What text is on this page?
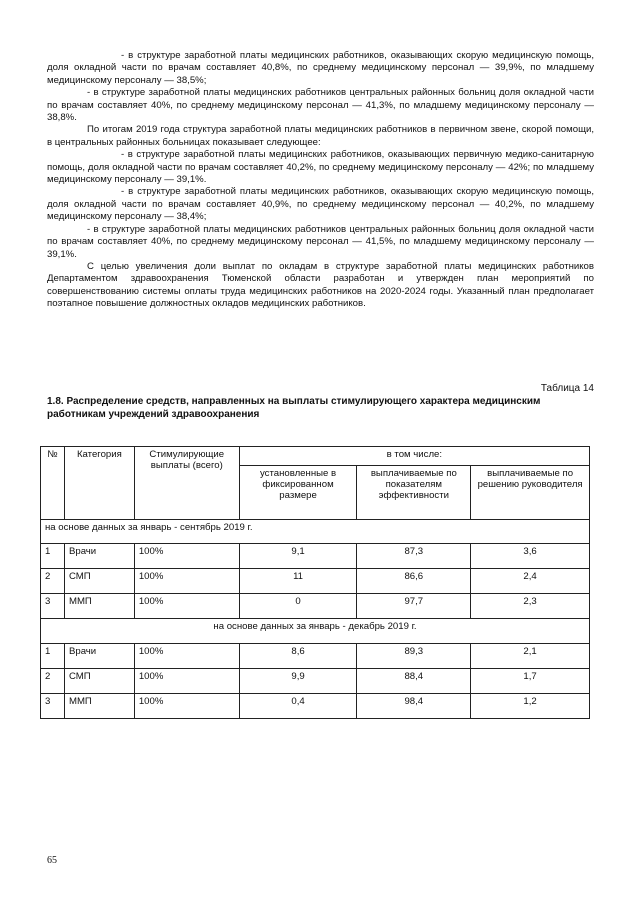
- в структуре заработной платы медицинских работников, оказывающих скорую медицинскую помощь, доля окладной части по врачам составляет 40,8%, по среднему медицинскому персонал — 39,9%, по младшему медицинскому персоналу — 38,5%;

- в структуре заработной платы медицинских работников центральных районных больниц доля окладной части по врачам составляет 40%, по среднему медицинскому персонал — 41,3%, по младшему медицинскому персоналу — 38,8%.

По итогам 2019 года структура заработной платы медицинских работников в первичном звене, скорой помощи, в центральных районных больницах показывает следующее:

- в структуре заработной платы медицинских работников, оказывающих первичную медико-санитарную помощь, доля окладной части по врачам составляет 40,2%, по среднему медицинскому персоналу — 42%; по младшему медицинскому персоналу — 39,1%.

- в структуре заработной платы медицинских работников, оказывающих скорую медицинскую помощь, доля окладной части по врачам составляет 40,9%, по среднему медицинскому персонал — 40,2%, по младшему медицинскому персоналу — 38,4%;

- в структуре заработной платы медицинских работников центральных районных больниц доля окладной части по врачам составляет 40%, по среднему медицинскому персонал — 41,5%, по младшему медицинскому персоналу — 39,1%.

С целью увеличения доли выплат по окладам в структуре заработной платы медицинских работников Департаментом здравоохранения Тюменской области разработан и утвержден план мероприятий по совершенствованию системы оплаты труда медицинских работников на 2020-2024 годы. Указанный план предполагает поэтапное повышение должностных окладов медицинских работников.

Таблица 14
1.8. Распределение средств, направленных на выплаты стимулирующего характера медицинским работникам учреждений здравоохранения
№	Категория	Стимулирующие выплаты (всего)	в том числе:		
			установленные в фиксированном размере	выплачиваемые по показателям эффективности	выплачиваемые по решению руководителя
на основе данных за январь - сентябрь 2019 г.					
1	Врачи	100%	9,1	87,3	3,6
2	СМП	100%	11	86,6	2,4
3	ММП	100%	0	97,7	2,3
на основе данных за январь - декабрь 2019 г.					
1	Врачи	100%	8,6	89,3	2,1
2	СМП	100%	9,9	88,4	1,7
3	ММП	100%	0,4	98,4	1,2
65
